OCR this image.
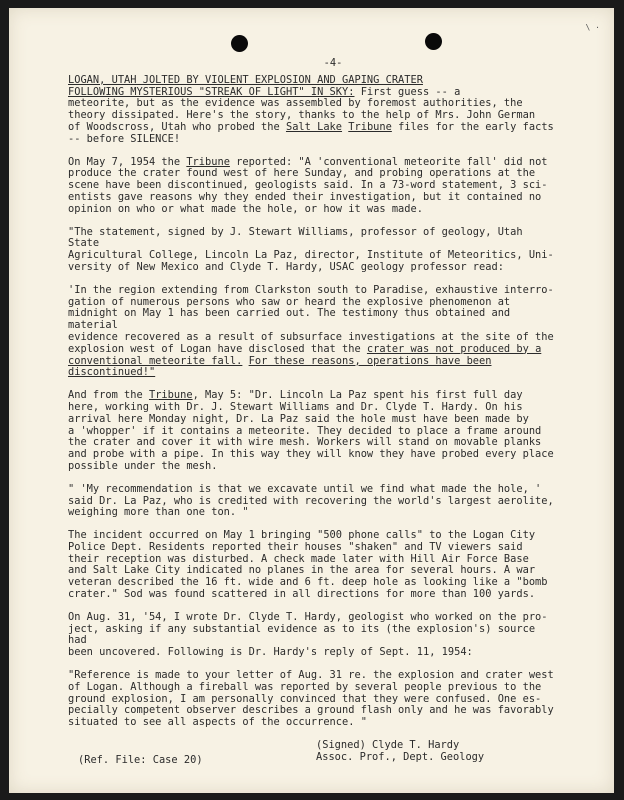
\ ·
-4-

LOGAN, UTAH JOLTED BY VIOLENT EXPLOSION AND GAPING CRATER
FOLLOWING MYSTERIOUS "STREAK OF LIGHT" IN SKY: First guess -- a
meteorite, but as the evidence was assembled by foremost authorities, the
theory dissipated. Here's the story, thanks to the help of Mrs. John German
of Woodscross, Utah who probed the Salt Lake Tribune files for the early facts
-- before SILENCE!

On May 7, 1954 the Tribune reported: "A 'conventional meteorite fall' did not
produce the crater found west of here Sunday, and probing operations at the
scene have been discontinued, geologists said. In a 73-word statement, 3 sci-
entists gave reasons why they ended their investigation, but it contained no
opinion on who or what made the hole, or how it was made.

"The statement, signed by J. Stewart Williams, professor of geology, Utah State
Agricultural College, Lincoln La Paz, director, Institute of Meteoritics, Uni-
versity of New Mexico and Clyde T. Hardy, USAC geology professor read:

'In the region extending from Clarkston south to Paradise, exhaustive interro-
gation of numerous persons who saw or heard the explosive phenomenon at
midnight on May 1 has been carried out. The testimony thus obtained and material
evidence recovered as a result of subsurface investigations at the site of the
explosion west of Logan have disclosed that the crater was not produced by a
conventional meteorite fall. For these reasons, operations have been discontinued!"

And from the Tribune, May 5: "Dr. Lincoln La Paz spent his first full day
here, working with Dr. J. Stewart Williams and Dr. Clyde T. Hardy. On his
arrival here Monday night, Dr. La Paz said the hole must have been made by
a 'whopper' if it contains a meteorite. They decided to place a frame around
the crater and cover it with wire mesh. Workers will stand on movable planks
and probe with a pipe. In this way they will know they have probed every place
possible under the mesh.

" 'My recommendation is that we excavate until we find what made the hole, '
said Dr. La Paz, who is credited with recovering the world's largest aerolite,
weighing more than one ton. "

The incident occurred on May 1 bringing "500 phone calls" to the Logan City
Police Dept. Residents reported their houses "shaken" and TV viewers said
their reception was disturbed. A check made later with Hill Air Force Base
and Salt Lake City indicated no planes in the area for several hours. A war
veteran described the 16 ft. wide and 6 ft. deep hole as looking like a "bomb
crater." Sod was found scattered in all directions for more than 100 yards.

On Aug. 31, '54, I wrote Dr. Clyde T. Hardy, geologist who worked on the pro-
ject, asking if any substantial evidence as to its (the explosion's) source had
been uncovered. Following is Dr. Hardy's reply of Sept. 11, 1954:

"Reference is made to your letter of Aug. 31 re. the explosion and crater west
of Logan. Although a fireball was reported by several people previous to the
ground explosion, I am personally convinced that they were confused. One es-
pecially competent observer describes a ground flash only and he was favorably
situated to see all aspects of the occurrence. "

(Signed) Clyde T. Hardy
Assoc. Prof., Dept. Geology
(Ref. File: Case 20)
